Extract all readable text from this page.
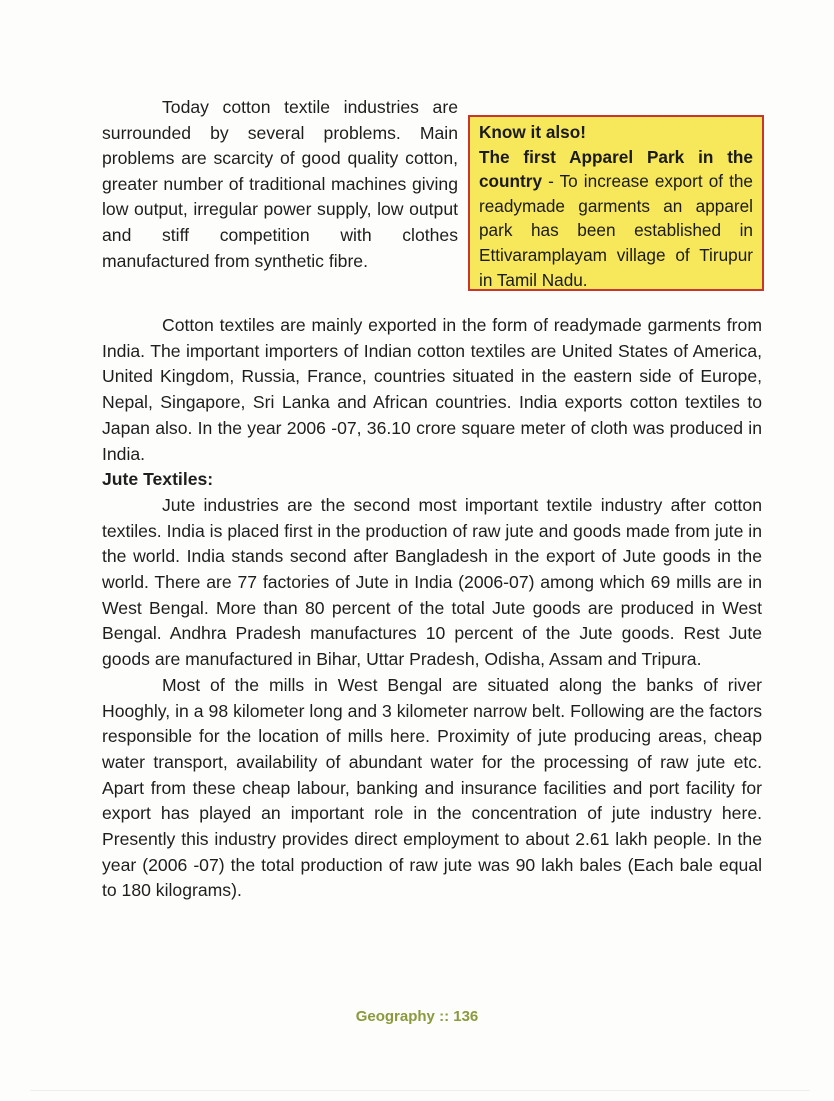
Today cotton textile industries are surrounded by several problems. Main problems are scarcity of good quality cotton, greater number of traditional machines giving low output, irregular power supply, low output and stiff competition with clothes manufactured from synthetic fibre.

Know it also!

The first Apparel Park in the country - To increase export of the readymade garments an apparel park has been established in Ettivaramplayam village of Tirupur in Tamil Nadu.

Cotton textiles are mainly exported in the form of readymade garments from India. The important importers of Indian cotton textiles are United States of America, United Kingdom, Russia, France, countries situated in the eastern side of Europe, Nepal, Singapore, Sri Lanka and African countries. India exports cotton textiles to Japan also. In the year 2006 -07, 36.10 crore square meter of cloth was produced in India.

Jute Textiles:

Jute industries are the second most important textile industry after cotton textiles. India is placed first in the production of raw jute and goods made from jute in the world. India stands second after Bangladesh in the export of Jute goods in the world. There are 77 factories of Jute in India (2006-07) among which 69 mills are in West Bengal. More than 80 percent of the total Jute goods are produced in West Bengal. Andhra Pradesh manufactures 10 percent of the Jute goods. Rest Jute goods are manufactured in Bihar, Uttar Pradesh, Odisha, Assam and Tripura.

Most of the mills in West Bengal are situated along the banks of river Hooghly, in a 98 kilometer long and 3 kilometer narrow belt. Following are the factors responsible for the location of mills here. Proximity of jute producing areas, cheap water transport, availability of abundant water for the processing of raw jute etc. Apart from these cheap labour, banking and insurance facilities and port facility for export has played an important role in the concentration of jute industry here. Presently this industry provides direct employment to about 2.61 lakh people. In the year (2006 -07) the total production of raw jute was 90 lakh bales (Each bale equal to 180 kilograms).

Geography :: 136
